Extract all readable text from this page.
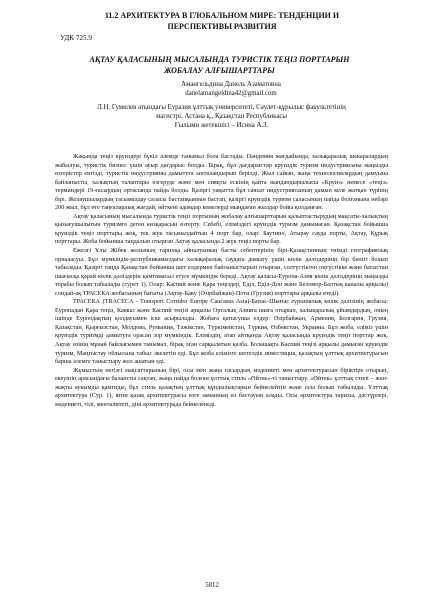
11.2 АРХИТЕКТУРА В ГЛОБАЛЬНОМ МИРЕ: ТЕНДЕНЦИИ И
ПЕРСПЕКТИВЫ РАЗВИТИЯ
УДК 725.9
АҚТАУ ҚАЛАСЫНЫҢ МЫСАЛЫНДА ТУРИСТІК ТЕҢІЗ ПОРТТАРЫН
ЖОБАЛАУ АЛҒЫШАРТТАРЫ
Амангельдина Дaнель Азаматовна
danelamangeldina42@gmail.com
Л.Н. Гумилев атындағы Еуразия ұлттық университеті, Сәулет-құрылыс факультетінің
магистрі, Астана қ., Қазақстан Республикасы
Ғылыми жетекшісі – Исина А.З.

Жақында теңіз круиздері бүкіл әлемде танымал бола бастады. Пандемия жағдайында, халықаралық шекаралардың жабылуы, туристік бизнес үшін ауыр дағдарыс болды. Бірақ, бұл дағдарыстар круиздік туризм индустриясына маңызды өзгерістер енгізді, туристік индустрияны дамытуға ынталандырып берілді. Жыл сайын, жаңа технологиялардың дамуына байланысты, халықтың талаптары өзгеруде және мен сияқты ескінің қайта жандандырылысы «Круиз» немесе «теңіз» терминдері 19-ғасырдың ортасында пайда болды. Қазіргі уақытта бұл саяхат индустриясының дамып келе жатқан түрінің бірі. Жолаушылардың тасымалдау саласы бастапқыннан бастап, қазіргі круиздік туризм саласының пайда болғанына небәрі 200 жыл, бұл өте таңғаларлық жағдай, өйткені адамдар кемелерді мыңдаған жылдар бойы қолданған.

Ақтау қаласының мысалында туристік теңіз портының жобалау алғышарттарын қалыптастырудың мақсаты-халықтың қызығушылығын туризмге деген көзқарасын өзгерту. Себебі, еліміздегі круиздік туризм дамымаған. Қазақстан бойынша круиздік теңіз порттары жоқ, тек жүк тасымалдайтын 4 порт бар, олар: Баутино, Атырау сауда порты, Ақтау, Құрық порттары. Жоба бойынша таңдалып отырған Ақтау қаласында 2 жүк теңіз порты бар.

Ежелгі Ұлы Жібек жолының тарихқа айналуының басты себептерінің бірі-Қазақстанның тиімді географиялық орналасуы. Бұл мүмкіндік-республикамыздағы халықаралық саудаға дамыту үшін көлік дәліздерінің бір бөлігі болып табылады. Қазіргі таңда Қазақстан бойынша шет елдермен байланыстырып отырған, солтүстіктен оңтүстікке және батыстан шығысқа қарай көлік дәліздерін қамтамасыз етуге мүмкіндік береді. Ақтау қаласы-Еуропа-Азия көлік дәліздерінің маңызды торабы болып табылады (сурет 1). Олар: Каспий және Қара теңіздер, Еділ, Еділ-Дон және Беломор-Балтық каналы арқылы) сондай-ақ ТРАСЕКА жобасының бағыты (Ақтау-Баку (Әзірбайжан)-Поти (Грузия) порттары арқылы өтеді).

ТРАСЕКА (TRACECA - Transport Corridor Europe Caucasus Asia)-Батыс-Шығыс еуразиялық көлік дәлізінің жобасы: Еуропадан Қара теңіз, Кавказ және Каспий теңізі арқылы Орталық Азияға шыға отырып, халықаралық ұйымдардың, оның ішінде Еуроодақтың қолдауымен іске асырылады. Жобаға қатысушы елдер: Әзірбайжан, Армения, Болгария, Грузия, Қазақстан, Қырғызстан, Молдова, Румыния, Тәжікстан, Түркіменстан, Түркия, Өзбекстан, Украина. Бұл жоба, еліміз үшін круиздік туризмді дамытуға орасан зор мүмкіндік. Еліміздің, атап айтқанда Ақтау қаласында круиздік теңіз порттар жоқ. Ақтау өзінің мұнай байлығымен танымал, бірақ оған сарқылатын қазба. Болашақта Каспий теңізі арқылы дамыған круиздік туризм, Маңғыстау облысына табыс әкелетін еді. Бұл жоба елімізге шетелдік инвестиция, қазақтың ұлттық архитектурасын барша әлемге таныстыру жол ашатын еді.

Жұмыстың негізгі мақсаттарының бірі, осы мен жаңа ғасырдың мәдениеті мен архитектурасын біріктіре отырып, екеуінің арасындағы балансты сақтап, жаңа пайда болған ұлттық стиль «Өйтек»-ті таныстыру. «Өйтек» ұлттық стилі – жан-жақты аукымды қамтиды, бұл стиль қазақтың ұлттық құндылықтарын бейнелейтін және осы болып табылады. Ұлттық архитектура (Сур. 1), яғни қазақ архитектурасы өзге заманның өз бастауын алады. Осы архитектура тарихы, дәстүрлері, мәдениеті, тілі, менталитеті, діні архитектурада бейнеленеді.

5812
